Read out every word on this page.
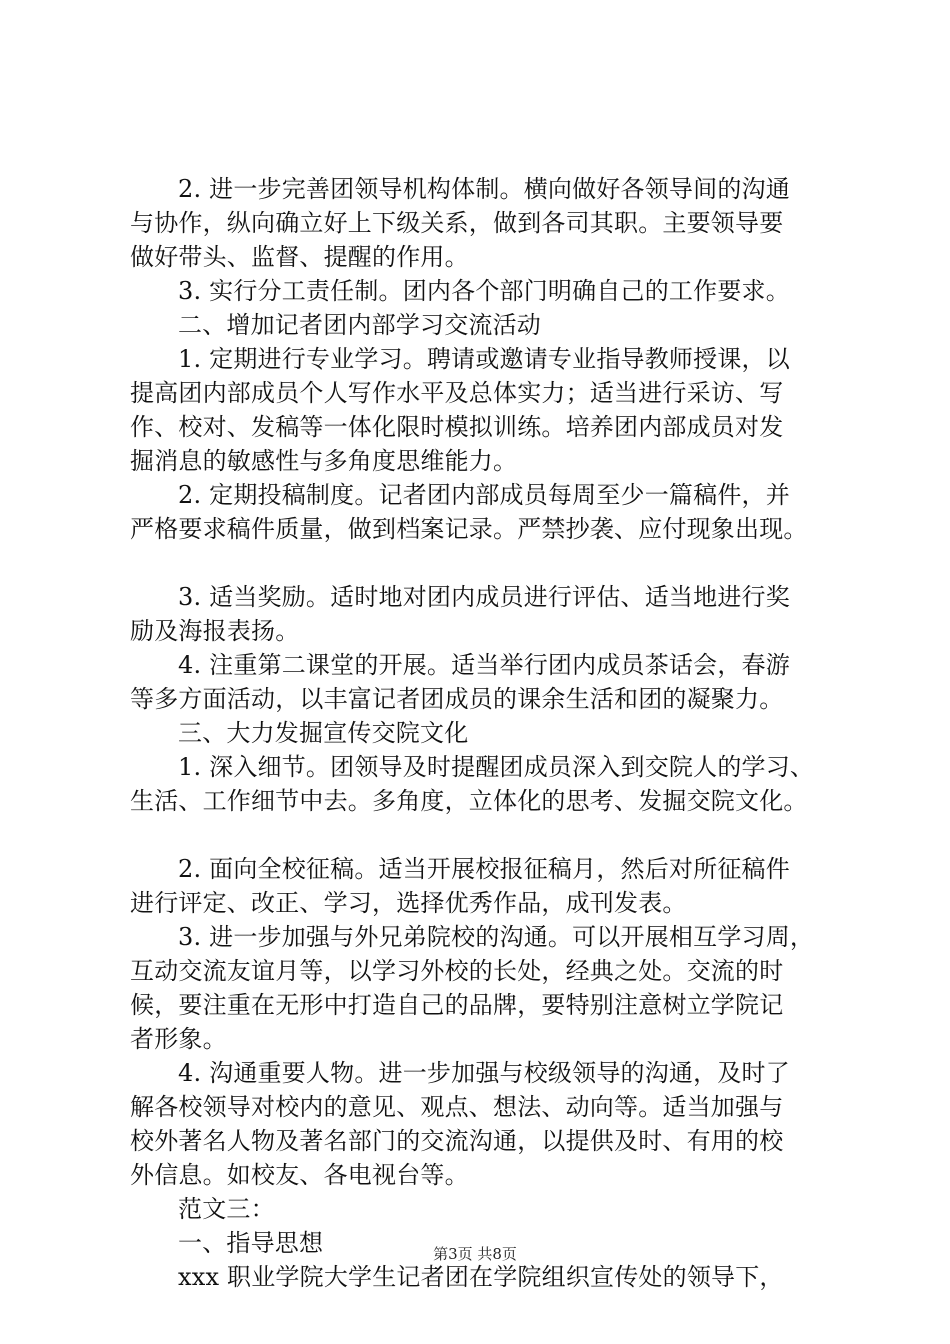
2. 进一步完善团领导机构体制。横向做好各领导间的沟通
与协作，纵向确立好上下级关系，做到各司其职。主要领导要
做好带头、监督、提醒的作用。
3. 实行分工责任制。团内各个部门明确自己的工作要求。
二、增加记者团内部学习交流活动
1. 定期进行专业学习。聘请或邀请专业指导教师授课，以
提高团内部成员个人写作水平及总体实力；适当进行采访、写
作、校对、发稿等一体化限时模拟训练。培养团内部成员对发
掘消息的敏感性与多角度思维能力。
2. 定期投稿制度。记者团内部成员每周至少一篇稿件，并
严格要求稿件质量，做到档案记录。严禁抄袭、应付现象出现。
3. 适当奖励。适时地对团内成员进行评估、适当地进行奖
励及海报表扬。
4. 注重第二课堂的开展。适当举行团内成员茶话会，春游
等多方面活动，以丰富记者团成员的课余生活和团的凝聚力。
三、大力发掘宣传交院文化
1. 深入细节。团领导及时提醒团成员深入到交院人的学习、
生活、工作细节中去。多角度，立体化的思考、发掘交院文化。
2. 面向全校征稿。适当开展校报征稿月，然后对所征稿件
进行评定、改正、学习，选择优秀作品，成刊发表。
3. 进一步加强与外兄弟院校的沟通。可以开展相互学习周，
互动交流友谊月等，以学习外校的长处，经典之处。交流的时
候，要注重在无形中打造自己的品牌，要特别注意树立学院记
者形象。
4. 沟通重要人物。进一步加强与校级领导的沟通，及时了
解各校领导对校内的意见、观点、想法、动向等。适当加强与
校外著名人物及著名部门的交流沟通，以提供及时、有用的校
外信息。如校友、各电视台等。
范文三：
一、指导思想
xxx 职业学院大学生记者团在学院组织宣传处的领导下，
第3页 共8页
